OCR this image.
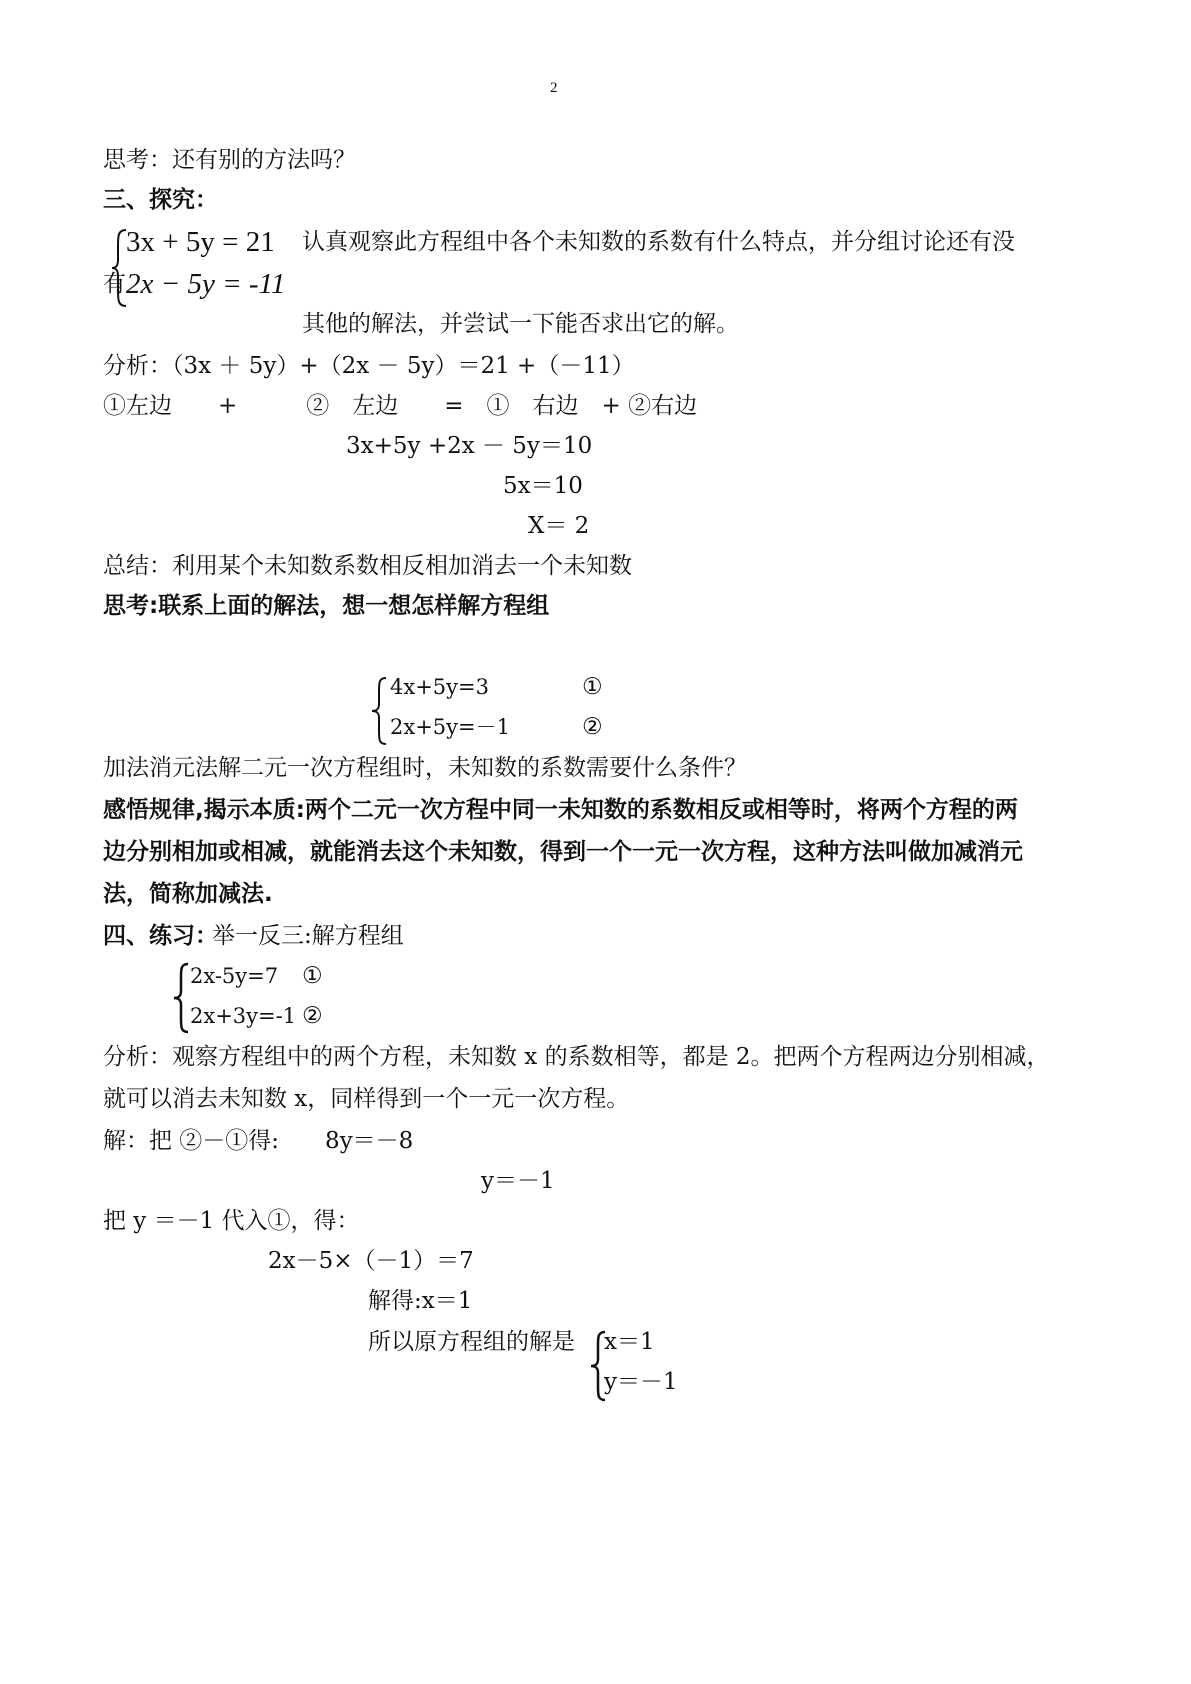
2
思考：还有别的方法吗？
三、探究：
3x + 5y = 21
2x − 5y = -11
认真观察此方程组中各个未知数的系数有什么特点，并分组讨论还有没
有
其他的解法，并尝试一下能否求出它的解。
分析：（3x ＋ 5y）+（2x － 5y）＝21 +（－11）
①左边　　+　　　②　左边　　=　①　右边　+ ②右边
3x+5y +2x － 5y＝10
5x＝10
X＝ 2
总结：利用某个未知数系数相反相加消去一个未知数
思考:联系上面的解法，想一想怎样解方程组
4x+5y=3	①
2x+5y=－1	②
加法消元法解二元一次方程组时，未知数的系数需要什么条件？
感悟规律,揭示本质:两个二元一次方程中同一未知数的系数相反或相等时，将两个方程的两
边分别相加或相减，就能消去这个未知数，得到一个一元一次方程，这种方法叫做加减消元
法，简称加减法.
四、练习：
举一反三:解方程组
2x-5y=7 ①
2x+3y=-1 ②
分析：观察方程组中的两个方程，未知数 x 的系数相等，都是 2。把两个方程两边分别相减，
就可以消去未知数 x，同样得到一个一元一次方程。
解：把 ②－①得:　　8y＝－8
y＝－1
把 y ＝－1 代入①，得：
2x－5×（－1）＝7
解得:x＝1
所以原方程组的解是 x＝1
y＝－1
